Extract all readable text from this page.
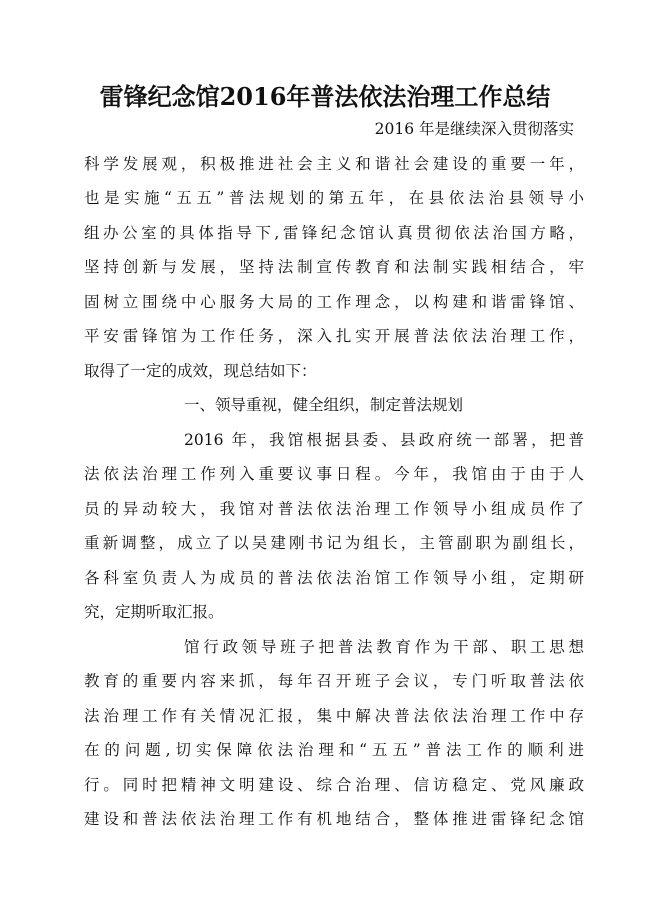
雷锋纪念馆2016年普法依法治理工作总结
2016 年是继续深入贯彻落实
科学发展观，积极推进社会主义和谐社会建设的重要一年，
也是实施“五五”普法规划的第五年，在县依法治县领导小
组办公室的具体指导下,雷锋纪念馆认真贯彻依法治国方略，
坚持创新与发展，坚持法制宣传教育和法制实践相结合，牢
固树立围绕中心服务大局的工作理念，以构建和谐雷锋馆、
平安雷锋馆为工作任务，深入扎实开展普法依法治理工作，
取得了一定的成效，现总结如下：
一、领导重视，健全组织，制定普法规划
2016 年，我馆根据县委、县政府统一部署，把普
法依法治理工作列入重要议事日程。今年，我馆由于由于人
员的异动较大，我馆对普法依法治理工作领导小组成员作了
重新调整，成立了以吴建刚书记为组长，主管副职为副组长，
各科室负责人为成员的普法依法治馆工作领导小组，定期研
究，定期听取汇报。
馆行政领导班子把普法教育作为干部、职工思想
教育的重要内容来抓，每年召开班子会议，专门听取普法依
法治理工作有关情况汇报，集中解决普法依法治理工作中存
在的问题,切实保障依法治理和“五五”普法工作的顺利进
行。同时把精神文明建设、综合治理、信访稳定、党风廉政
建设和普法依法治理工作有机地结合，整体推进雷锋纪念馆
